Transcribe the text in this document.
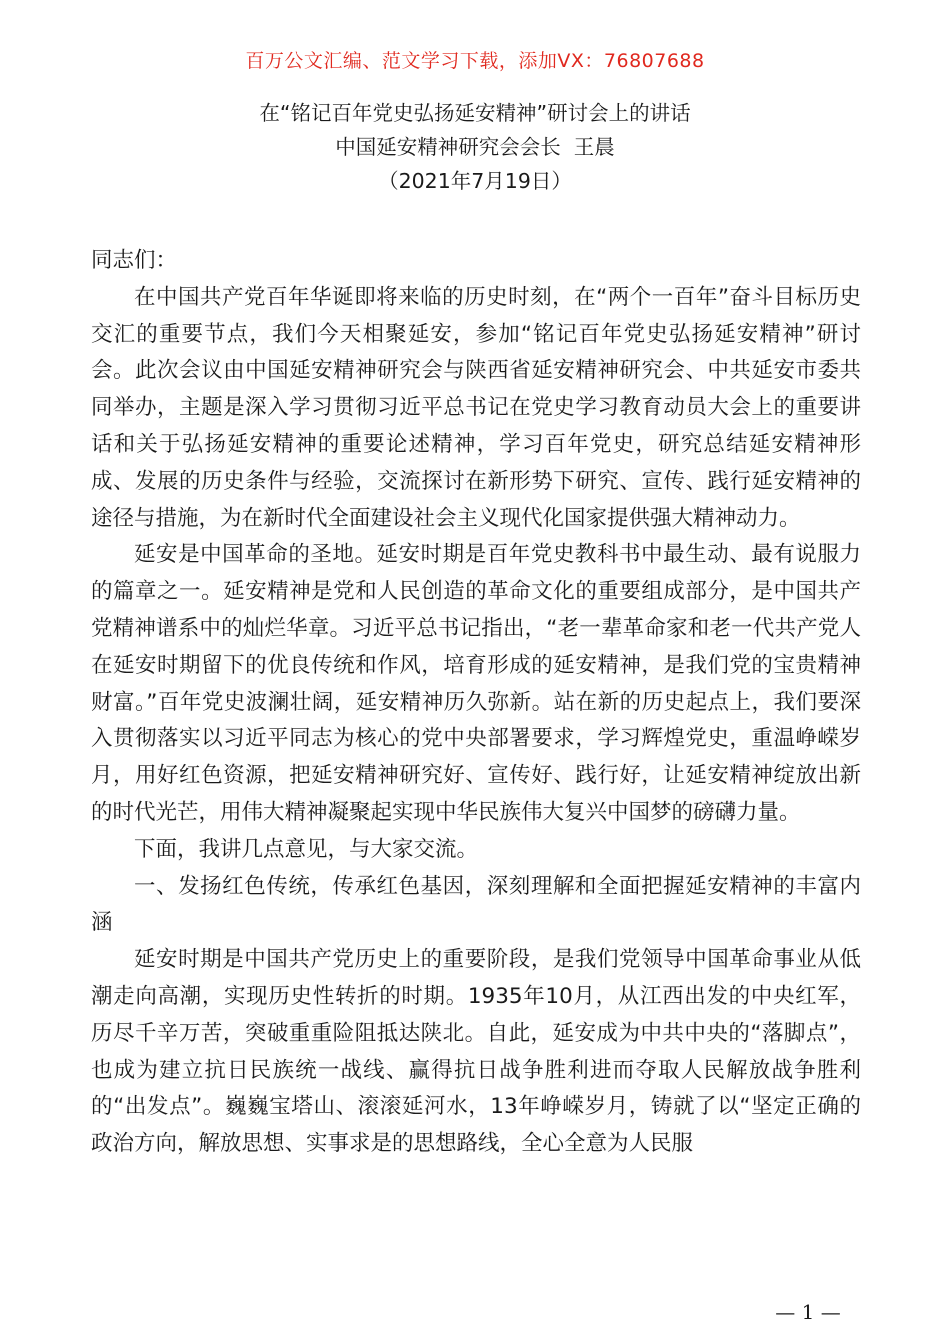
百万公文汇编、范文学习下载，添加VX：76807688
在“铭记百年党史弘扬延安精神”研讨会上的讲话
中国延安精神研究会会长  王晨
（2021年7月19日）

同志们：

在中国共产党百年华诞即将来临的历史时刻，在“两个一百年”奋斗目标历史交汇的重要节点，我们今天相聚延安，参加“铭记百年党史弘扬延安精神”研讨会。此次会议由中国延安精神研究会与陕西省延安精神研究会、中共延安市委共同举办，主题是深入学习贯彻习近平总书记在党史学习教育动员大会上的重要讲话和关于弘扬延安精神的重要论述精神，学习百年党史，研究总结延安精神形成、发展的历史条件与经验，交流探讨在新形势下研究、宣传、践行延安精神的途径与措施，为在新时代全面建设社会主义现代化国家提供强大精神动力。

延安是中国革命的圣地。延安时期是百年党史教科书中最生动、最有说服力的篇章之一。延安精神是党和人民创造的革命文化的重要组成部分，是中国共产党精神谱系中的灿烂华章。习近平总书记指出，“老一辈革命家和老一代共产党人在延安时期留下的优良传统和作风，培育形成的延安精神，是我们党的宝贵精神财富。”百年党史波澜壮阔，延安精神历久弥新。站在新的历史起点上，我们要深入贯彻落实以习近平同志为核心的党中央部署要求，学习辉煌党史，重温峥嵘岁月，用好红色资源，把延安精神研究好、宣传好、践行好，让延安精神绽放出新的时代光芒，用伟大精神凝聚起实现中华民族伟大复兴中国梦的磅礴力量。

下面，我讲几点意见，与大家交流。

一、发扬红色传统，传承红色基因，深刻理解和全面把握延安精神的丰富内涵

延安时期是中国共产党历史上的重要阶段，是我们党领导中国革命事业从低潮走向高潮，实现历史性转折的时期。1935年10月，从江西出发的中央红军，历尽千辛万苦，突破重重险阻抵达陕北。自此，延安成为中共中央的“落脚点”，也成为建立抗日民族统一战线、赢得抗日战争胜利进而夺取人民解放战争胜利的“出发点”。巍巍宝塔山、滚滚延河水，13年峥嵘岁月，铸就了以“坚定正确的政治方向，解放思想、实事求是的思想路线，全心全意为人民服

— 1 —
